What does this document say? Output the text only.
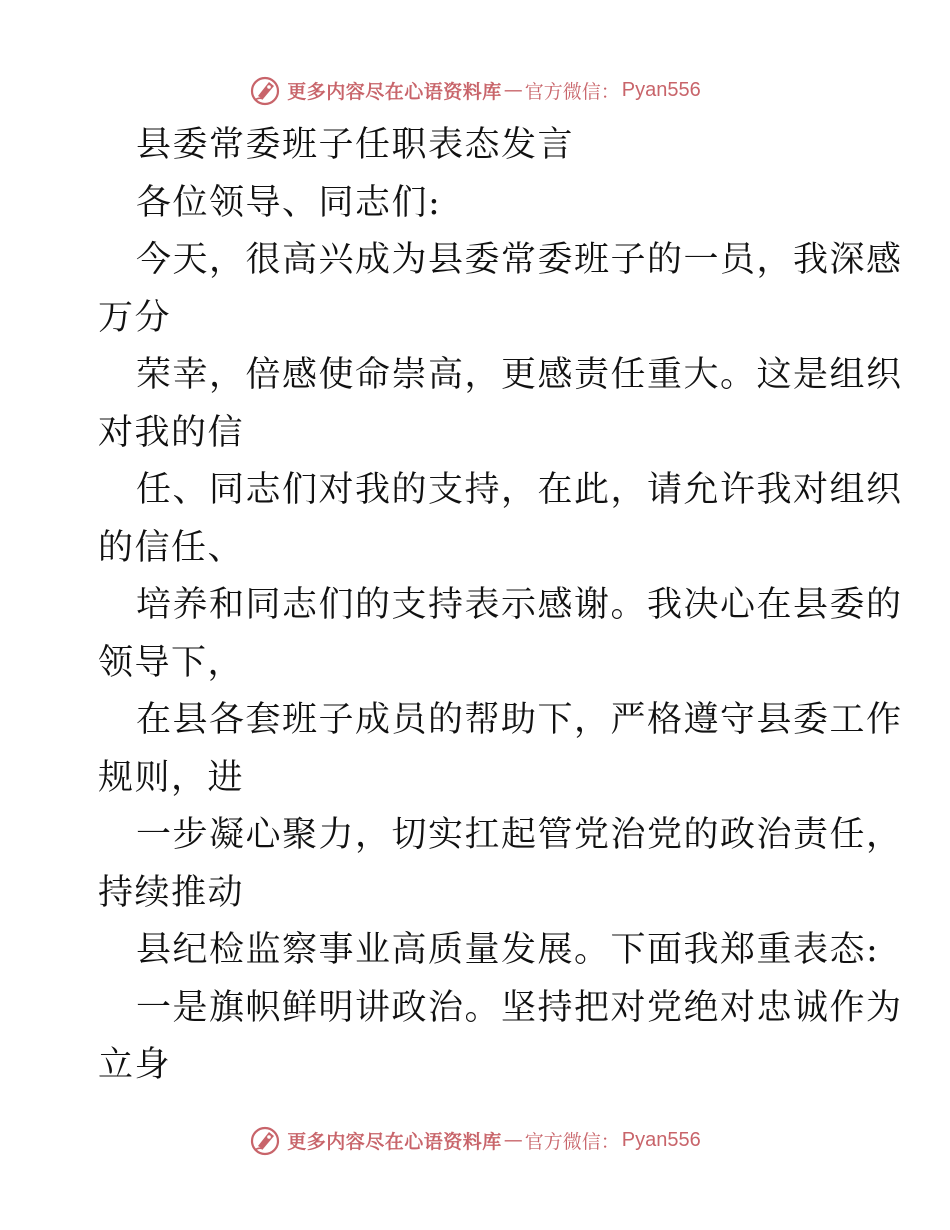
更多内容尽在心语资料库 — 官方微信： Pyan556
县委常委班子任职表态发言
各位领导、同志们:
今天，很高兴成为县委常委班子的一员，我深感
万分
荣幸，倍感使命崇高，更感责任重大。这是组织
对我的信
任、同志们对我的支持，在此，请允许我对组织
的信任、
培养和同志们的支持表示感谢。我决心在县委的
领导下，
在县各套班子成员的帮助下，严格遵守县委工作
规则，进
一步凝心聚力，切实扛起管党治党的政治责任，
持续推动
县纪检监察事业高质量发展。下面我郑重表态:
一是旗帜鲜明讲政治。坚持把对党绝对忠诚作为
立身
更多内容尽在心语资料库 — 官方微信： Pyan556
